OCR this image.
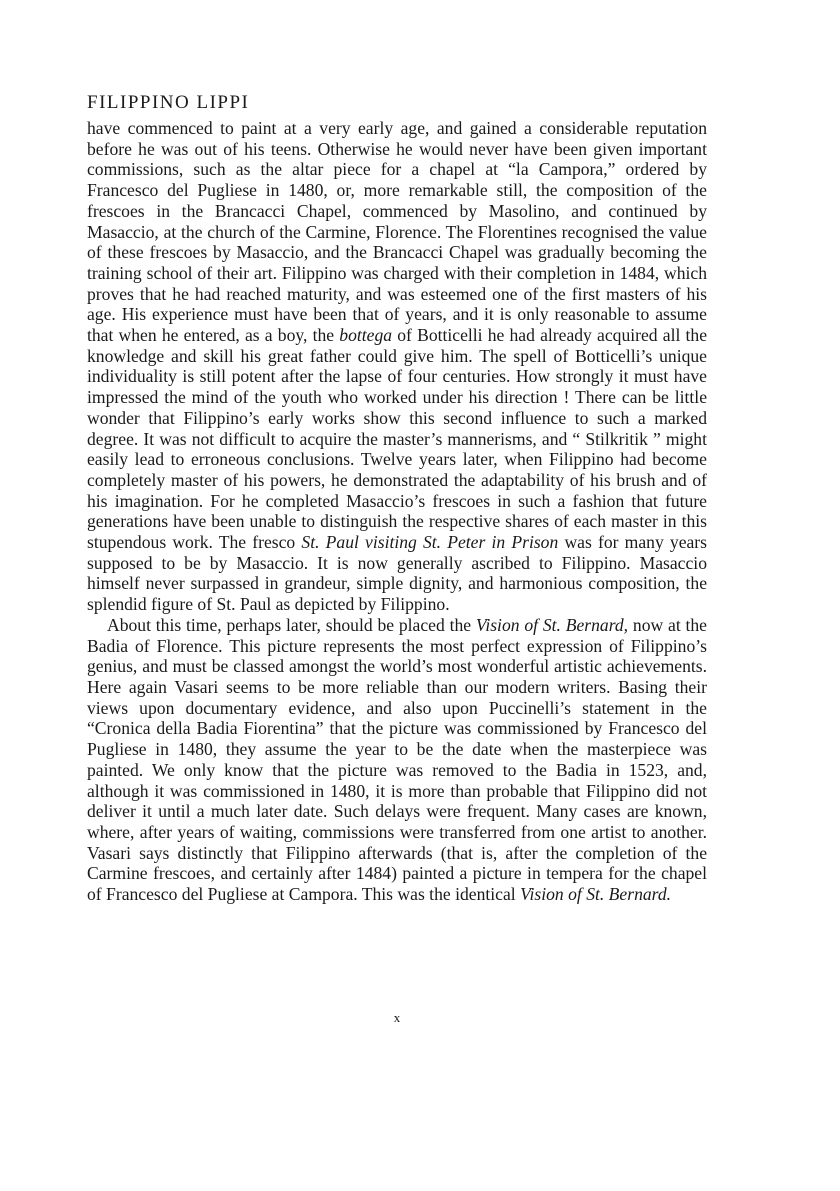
FILIPPINO LIPPI

have commenced to paint at a very early age, and gained a considerable reputation before he was out of his teens. Otherwise he would never have been given important commissions, such as the altar piece for a chapel at “la Campora,” ordered by Francesco del Pugliese in 1480, or, more remarkable still, the composition of the frescoes in the Brancacci Chapel, commenced by Masolino, and continued by Masaccio, at the church of the Carmine, Florence. The Florentines recognised the value of these frescoes by Masaccio, and the Brancacci Chapel was gradually becoming the training school of their art. Filippino was charged with their completion in 1484, which proves that he had reached maturity, and was esteemed one of the first masters of his age. His experience must have been that of years, and it is only reasonable to assume that when he entered, as a boy, the bottega of Botticelli he had already acquired all the knowledge and skill his great father could give him. The spell of Botticelli’s unique individuality is still potent after the lapse of four centuries. How strongly it must have impressed the mind of the youth who worked under his direction ! There can be little wonder that Filippino’s early works show this second influence to such a marked degree. It was not difficult to acquire the master’s mannerisms, and “ Stilkritik ” might easily lead to erroneous conclusions. Twelve years later, when Filippino had become completely master of his powers, he demonstrated the adaptability of his brush and of his imagination. For he completed Masaccio’s frescoes in such a fashion that future generations have been unable to distinguish the respective shares of each master in this stupendous work. The fresco St. Paul visiting St. Peter in Prison was for many years supposed to be by Masaccio. It is now generally ascribed to Filippino. Masaccio himself never surpassed in grandeur, simple dignity, and harmonious composition, the splendid figure of St. Paul as depicted by Filippino.

About this time, perhaps later, should be placed the Vision of St. Bernard, now at the Badia of Florence. This picture represents the most perfect expression of Filippino’s genius, and must be classed amongst the world’s most wonderful artistic achievements. Here again Vasari seems to be more reliable than our modern writers. Basing their views upon documentary evidence, and also upon Puccinelli’s statement in the “Cronica della Badia Fiorentina” that the picture was commissioned by Francesco del Pugliese in 1480, they assume the year to be the date when the masterpiece was painted. We only know that the picture was removed to the Badia in 1523, and, although it was commissioned in 1480, it is more than probable that Filippino did not deliver it until a much later date. Such delays were frequent. Many cases are known, where, after years of waiting, commissions were transferred from one artist to another. Vasari says distinctly that Filippino afterwards (that is, after the completion of the Carmine frescoes, and certainly after 1484) painted a picture in tempera for the chapel of Francesco del Pugliese at Campora. This was the identical Vision of St. Bernard.

x
